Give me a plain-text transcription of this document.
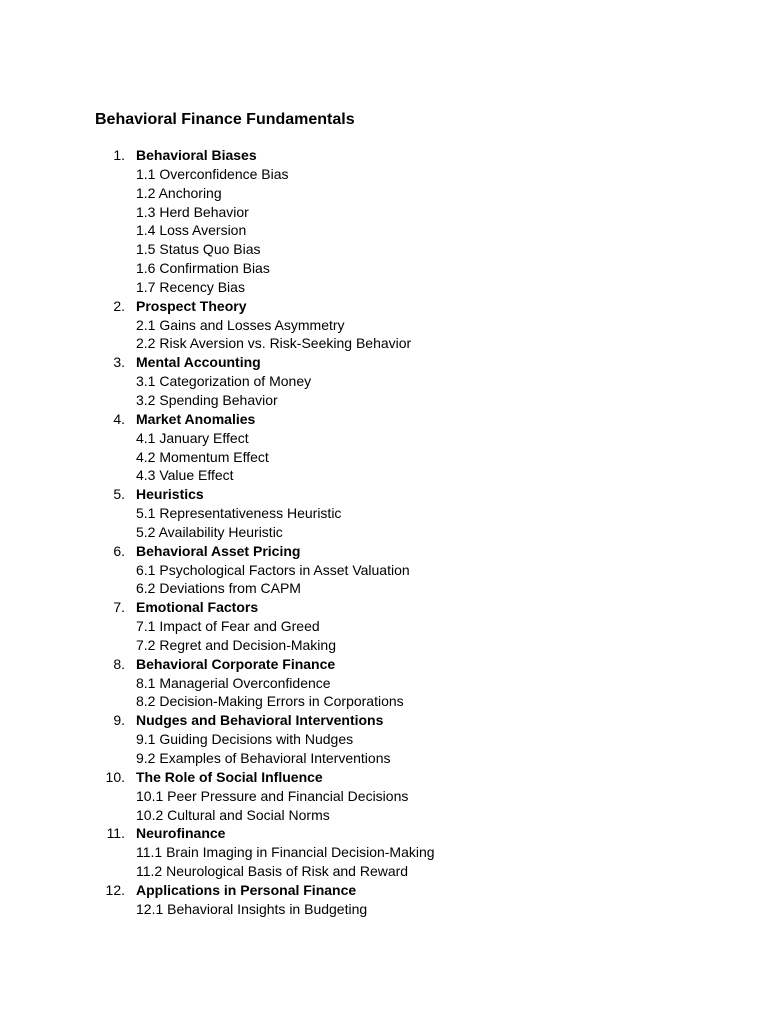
Behavioral Finance Fundamentals
1. Behavioral Biases
1.1 Overconfidence Bias
1.2 Anchoring
1.3 Herd Behavior
1.4 Loss Aversion
1.5 Status Quo Bias
1.6 Confirmation Bias
1.7 Recency Bias
2. Prospect Theory
2.1 Gains and Losses Asymmetry
2.2 Risk Aversion vs. Risk-Seeking Behavior
3. Mental Accounting
3.1 Categorization of Money
3.2 Spending Behavior
4. Market Anomalies
4.1 January Effect
4.2 Momentum Effect
4.3 Value Effect
5. Heuristics
5.1 Representativeness Heuristic
5.2 Availability Heuristic
6. Behavioral Asset Pricing
6.1 Psychological Factors in Asset Valuation
6.2 Deviations from CAPM
7. Emotional Factors
7.1 Impact of Fear and Greed
7.2 Regret and Decision-Making
8. Behavioral Corporate Finance
8.1 Managerial Overconfidence
8.2 Decision-Making Errors in Corporations
9. Nudges and Behavioral Interventions
9.1 Guiding Decisions with Nudges
9.2 Examples of Behavioral Interventions
10. The Role of Social Influence
10.1 Peer Pressure and Financial Decisions
10.2 Cultural and Social Norms
11. Neurofinance
11.1 Brain Imaging in Financial Decision-Making
11.2 Neurological Basis of Risk and Reward
12. Applications in Personal Finance
12.1 Behavioral Insights in Budgeting
